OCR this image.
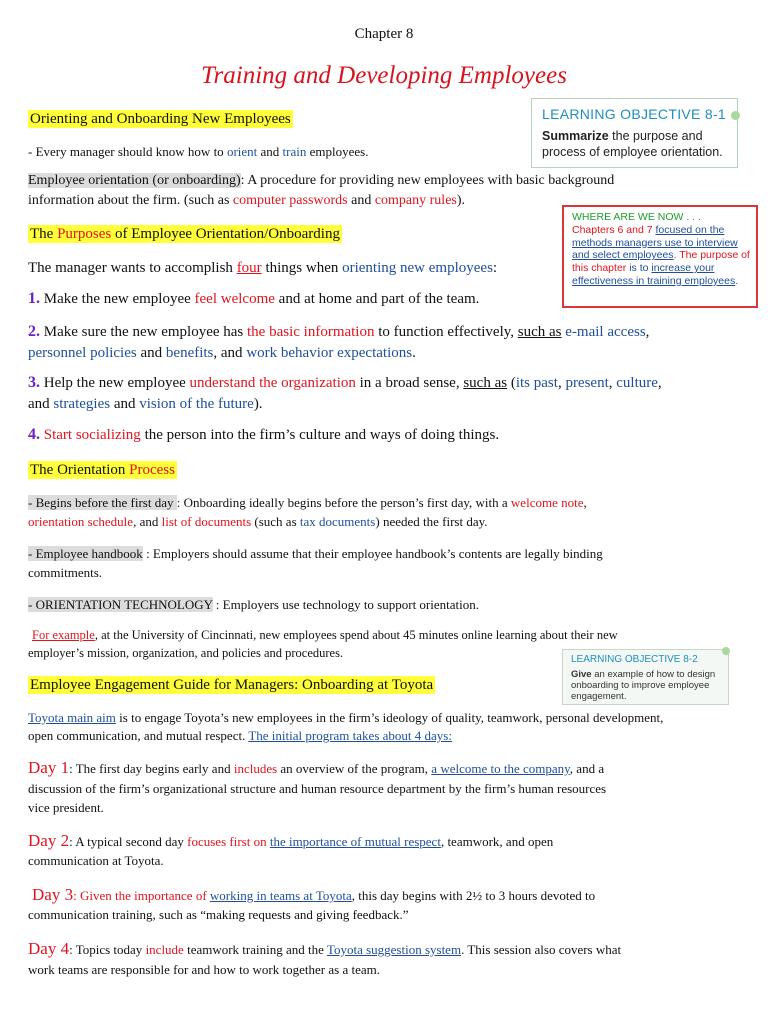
Chapter 8
Training and Developing Employees
LEARNING OBJECTIVE 8-1
Summarize the purpose and process of employee orientation.
WHERE ARE WE NOW . . .
Chapters 6 and 7 focused on the methods managers use to interview and select employees. The purpose of this chapter is to increase your effectiveness in training employees.
Orienting and Onboarding New Employees
- Every manager should know how to orient and train employees.
Employee orientation (or onboarding): A procedure for providing new employees with basic background
information about the firm. (such as computer passwords and company rules).
The Purposes of Employee Orientation/Onboarding
The manager wants to accomplish four things when orienting new employees:
1. Make the new employee feel welcome and at home and part of the team.
2. Make sure the new employee has the basic information to function effectively, such as e-mail access,
personnel policies and benefits, and work behavior expectations.
3. Help the new employee understand the organization in a broad sense, such as (its past, present, culture,
and strategies and vision of the future).
4. Start socializing the person into the firm’s culture and ways of doing things.
The Orientation Process
- Begins before the first day : Onboarding ideally begins before the person’s first day, with a welcome note,
orientation schedule, and list of documents (such as tax documents) needed the first day.
- Employee handbook : Employers should assume that their employee handbook’s contents are legally binding
commitments.
- ORIENTATION TECHNOLOGY : Employers use technology to support orientation.
For example, at the University of Cincinnati, new employees spend about 45 minutes online learning about their new
employer’s mission, organization, and policies and procedures.	LEARNING OBJECTIVE 8-2
Give an example of how to design onboarding to improve employee engagement.
Employee Engagement Guide for Managers: Onboarding at Toyota
Toyota main aim is to engage Toyota’s new employees in the firm’s ideology of quality, teamwork, personal development,
open communication, and mutual respect. The initial program takes about 4 days:
Day 1: The first day begins early and includes an overview of the program, a welcome to the company, and a
discussion of the firm’s organizational structure and human resource department by the firm’s human resources
vice president.
Day 2: A typical second day focuses first on the importance of mutual respect, teamwork, and open
communication at Toyota.
Day 3: Given the importance of working in teams at Toyota, this day begins with 2½ to 3 hours devoted to
communication training, such as “making requests and giving feedback.”
Day 4: Topics today include teamwork training and the Toyota suggestion system. This session also covers what
work teams are responsible for and how to work together as a team.
